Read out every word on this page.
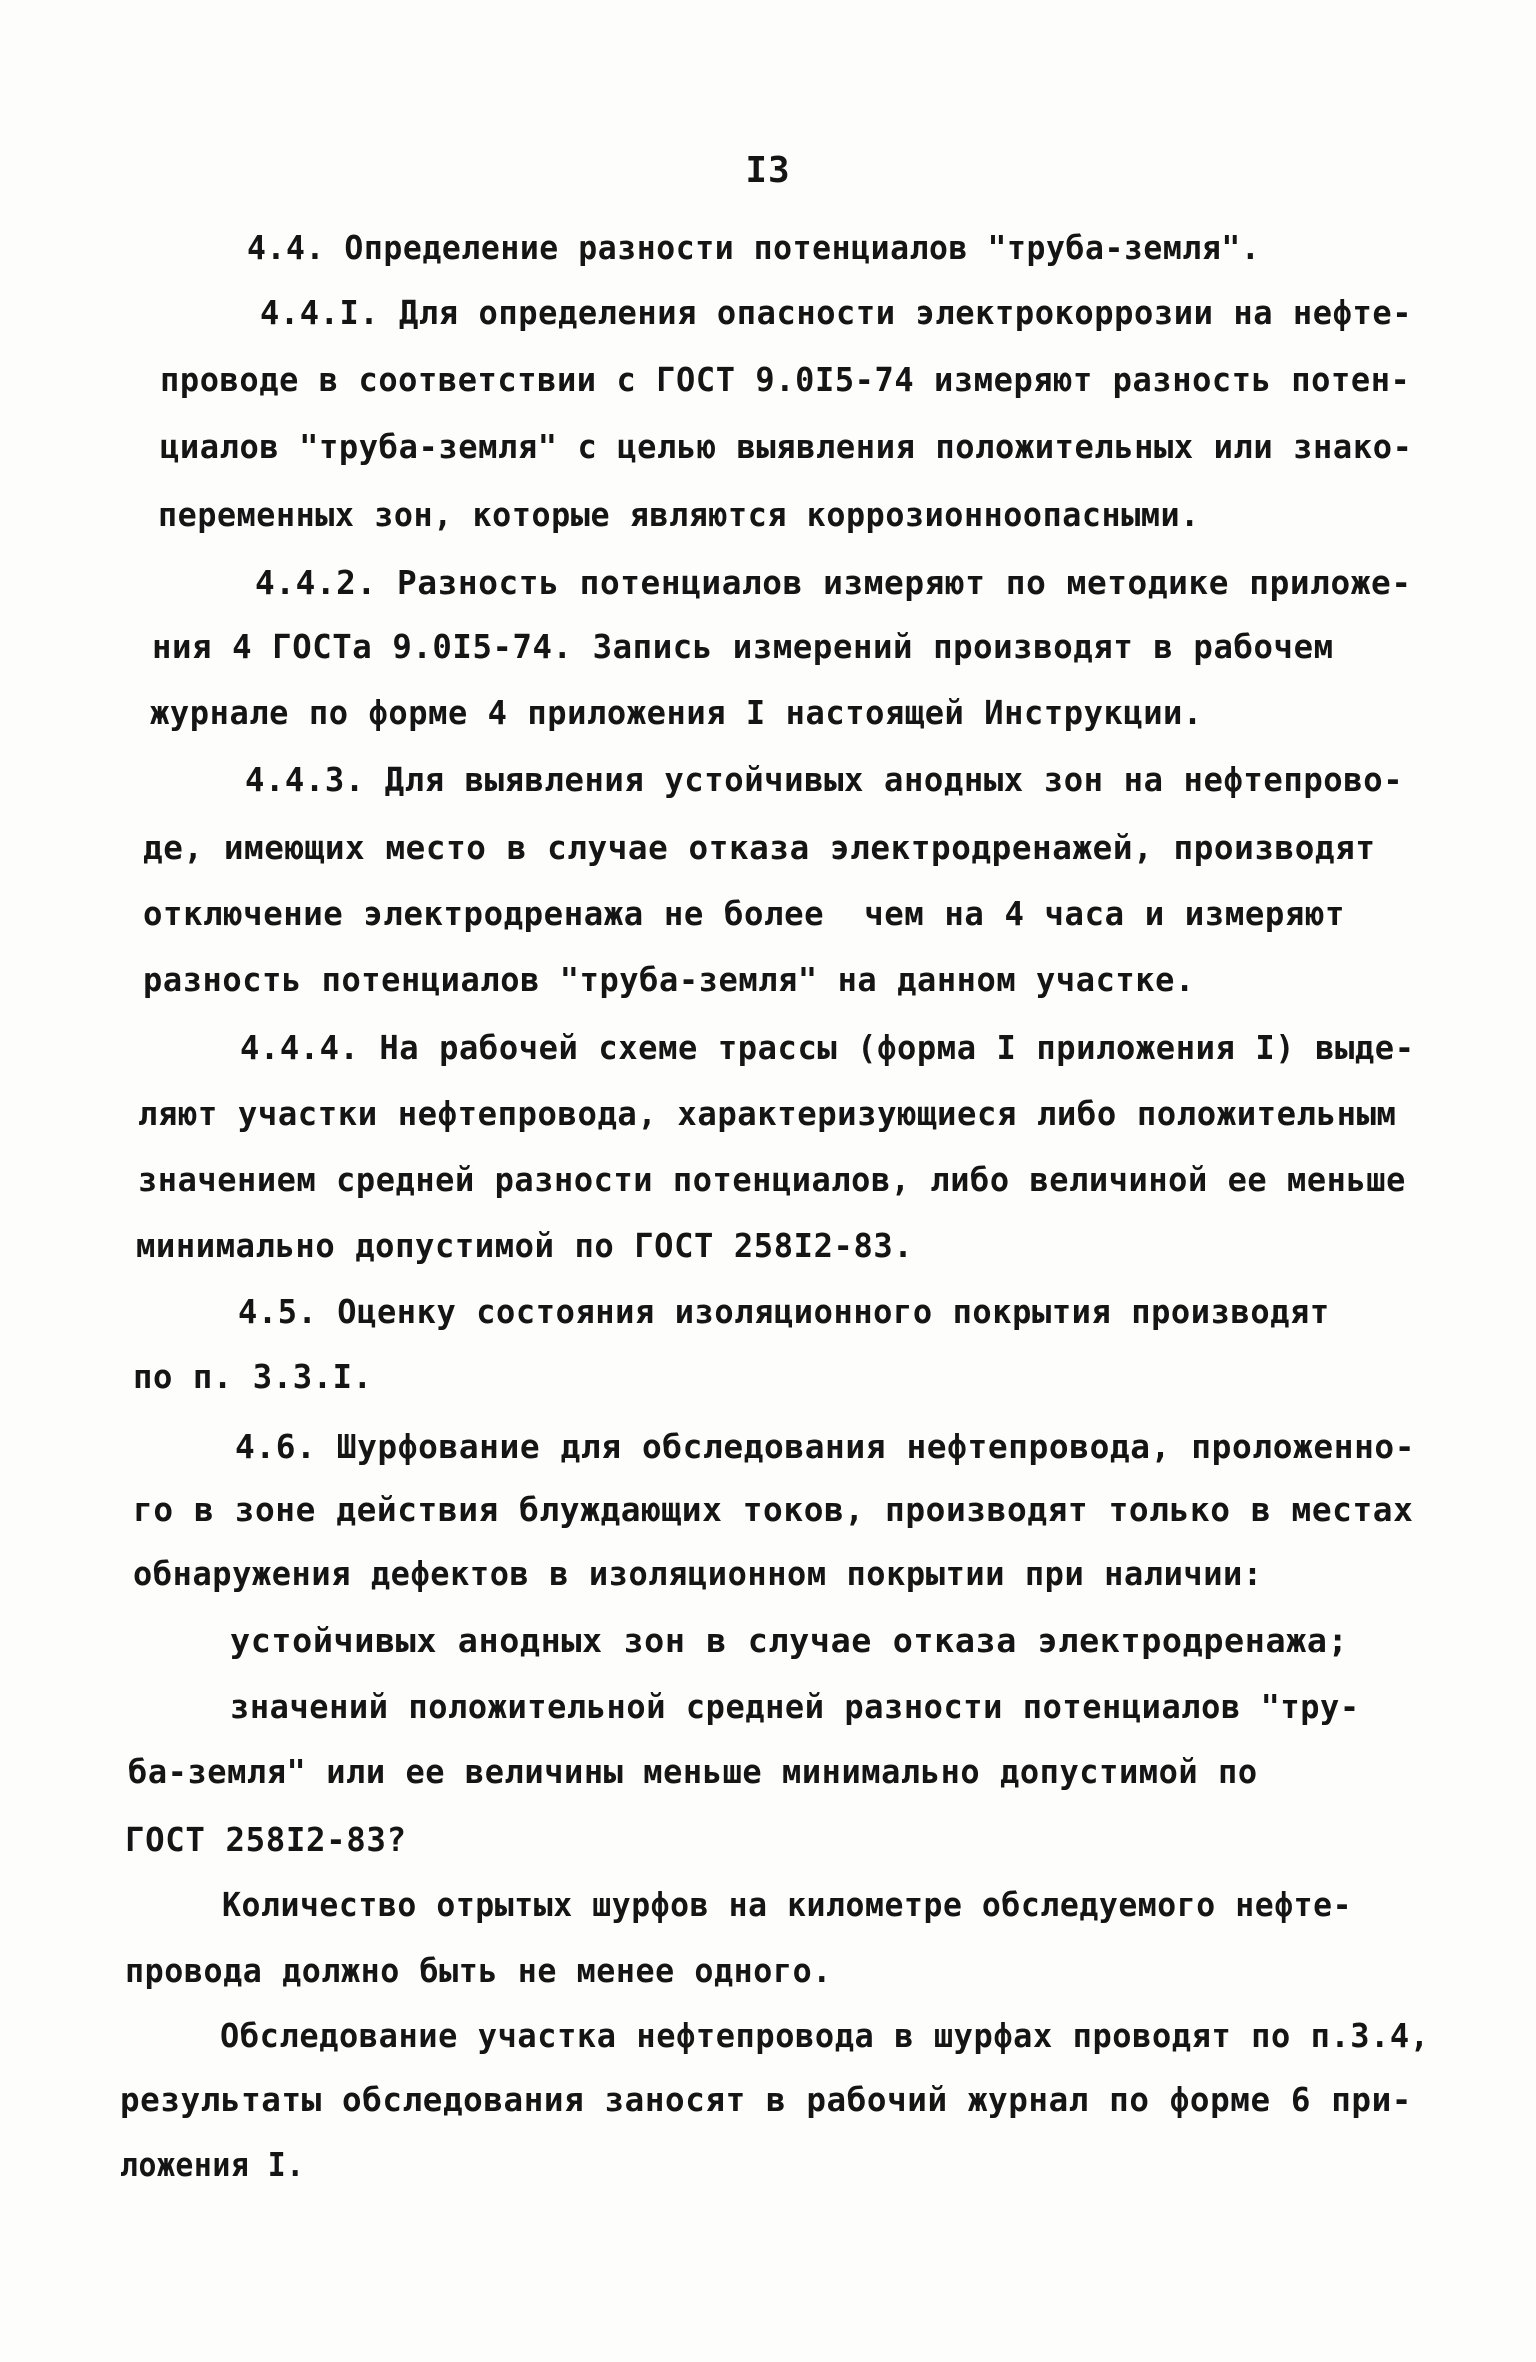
I3
4.4. Определение разности потенциалов "труба-земля".
4.4.I. Для определения опасности электрокоррозии на нефте-
проводе в соответствии с ГОСТ 9.0I5-74 измеряют разность потен-
циалов "труба-земля" с целью выявления положительных или знако-
переменных зон, которые являются коррозионноопасными.
4.4.2. Разность потенциалов измеряют по методике приложе-
ния 4 ГОСТа 9.0I5-74. Запись измерений производят в рабочем
журнале по форме 4 приложения I настоящей Инструкции.
4.4.3. Для выявления устойчивых анодных зон на нефтепрово-
де, имеющих место в случае отказа электродренажей, производят
отключение электродренажа не более  чем на 4 часа и измеряют
разность потенциалов "труба-земля" на данном участке.
4.4.4. На рабочей схеме трассы (форма I приложения I) выде-
ляют участки нефтепровода, характеризующиеся либо положительным
значением средней разности потенциалов, либо величиной ее меньше
минимально допустимой по ГОСТ 258I2-83.
4.5. Оценку состояния изоляционного покрытия производят
по п. 3.3.I.
4.6. Шурфование для обследования нефтепровода, проложенно-
го в зоне действия блуждающих токов, производят только в местах
обнаружения дефектов в изоляционном покрытии при наличии:
устойчивых анодных зон в случае отказа электродренажа;
значений положительной средней разности потенциалов "тру-
ба-земля" или ее величины меньше минимально допустимой по
ГОСТ 258I2-83?
Количество отрытых шурфов на километре обследуемого нефте-
провода должно быть не менее одного.
Обследование участка нефтепровода в шурфах проводят по п.3.4,
результаты обследования заносят в рабочий журнал по форме 6 при-
ложения I.
